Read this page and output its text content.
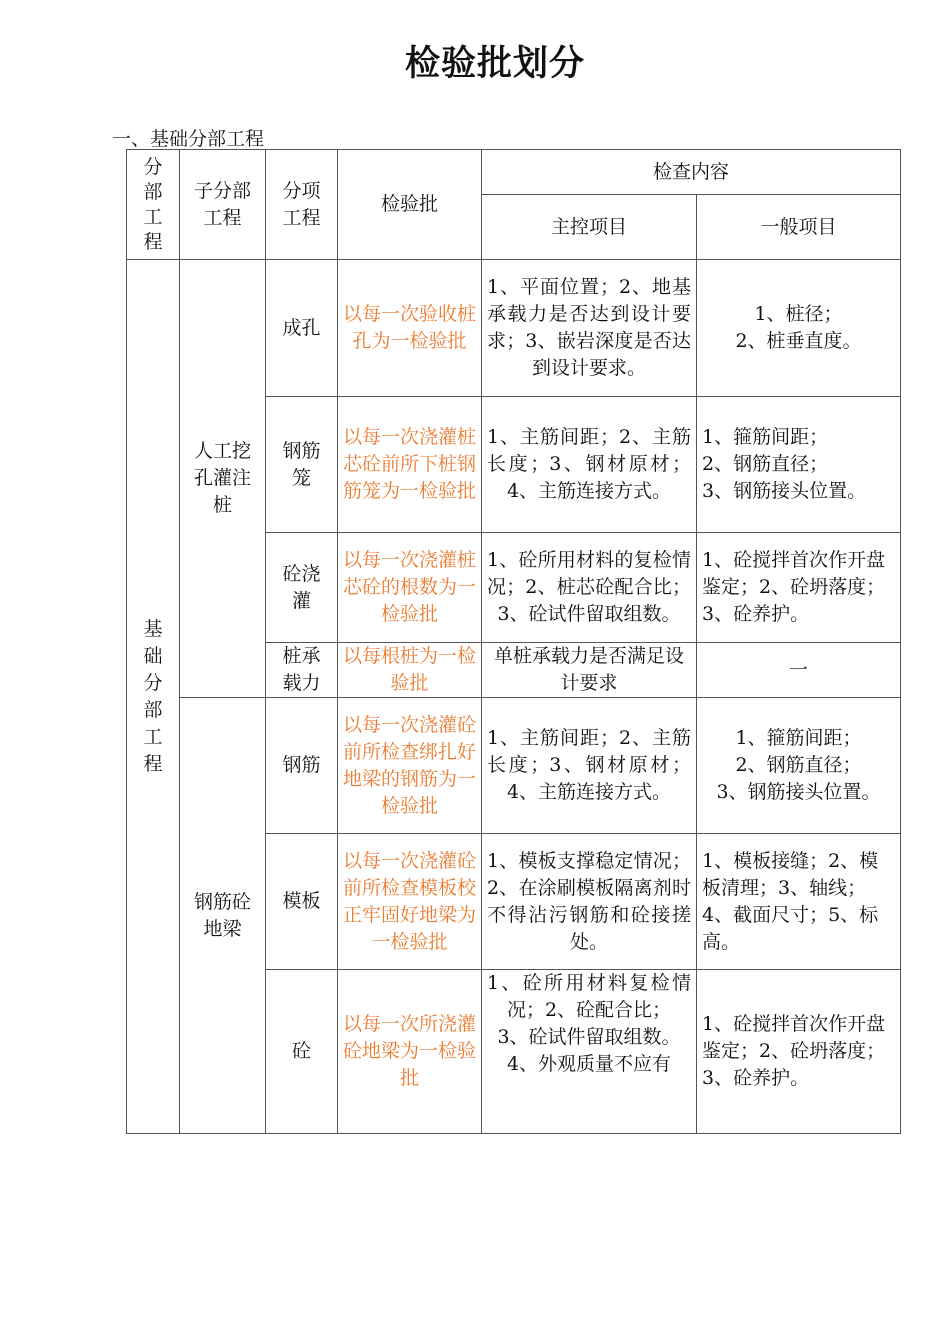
检验批划分
一、基础分部工程
分部工程	子分部工程	分项工程	检验批	检查内容	
				主控项目	一般项目

基础分部工程	人工挖孔灌注桩	成孔	以每一次验收桩孔为一检验批	1、平面位置；2、地基承载力是否达到设计要求；3、嵌岩深度是否达到设计要求。	1、桩径；
2、桩垂直度。

		钢筋笼	以每一次浇灌桩芯砼前所下桩钢筋笼为一检验批	1、主筋间距；2、主筋长度；3、钢材原材；4、主筋连接方式。	1、箍筋间距；
2、钢筋直径；
3、钢筋接头位置。

		砼浇灌	以每一次浇灌桩芯砼的根数为一检验批	1、砼所用材料的复检情况；2、桩芯砼配合比；3、砼试件留取组数。	1、砼搅拌首次作开盘鉴定；2、砼坍落度；3、砼养护。

		桩承载力	以每根桩为一检验批	单桩承载力是否满足设计要求	一

	钢筋砼地梁	钢筋	以每一次浇灌砼前所检查绑扎好地梁的钢筋为一检验批	1、主筋间距；2、主筋长度；3、钢材原材；4、主筋连接方式。	1、箍筋间距；
2、钢筋直径；
3、钢筋接头位置。
		模板	以每一次浇灌砼前所检查模板校正牢固好地梁为一检验批	1、模板支撑稳定情况；2、在涂刷模板隔离剂时不得沾污钢筋和砼接搓处。	1、模板接缝；2、模板清理；3、轴线；4、截面尺寸；5、标高。
		砼	以每一次所浇灌砼地梁为一检验批	1、砼所用材料复检情况；2、砼配合比；
3、砼试件留取组数。
4、外观质量不应有	1、砼搅拌首次作开盘鉴定；2、砼坍落度；3、砼养护。
